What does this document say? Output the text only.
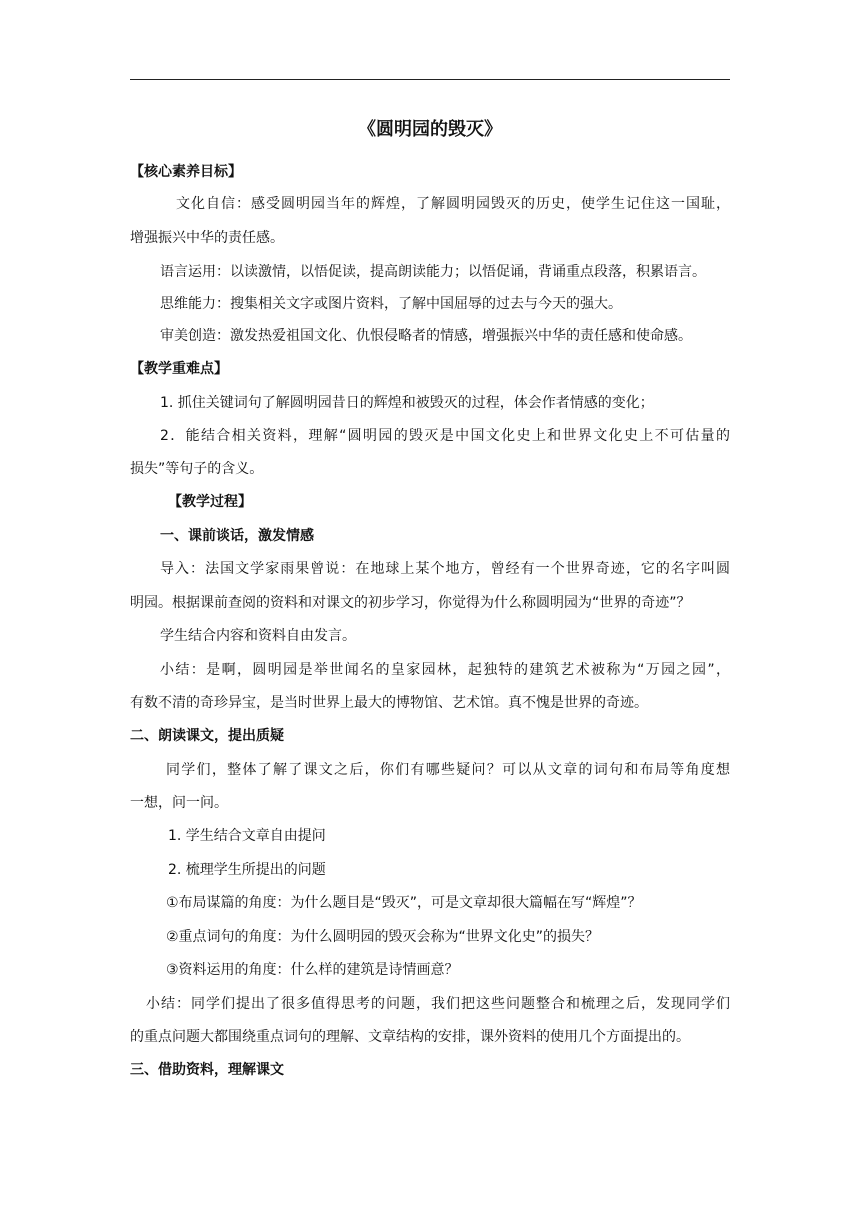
《圆明园的毁灭》
【核心素养目标】
文化自信：感受圆明园当年的辉煌，了解圆明园毁灭的历史，使学生记住这一国耻，
增强振兴中华的责任感。
语言运用：以读激情，以悟促读，提高朗读能力；以悟促诵，背诵重点段落，积累语言。
思维能力：搜集相关文字或图片资料，了解中国屈辱的过去与今天的强大。
审美创造：激发热爱祖国文化、仇恨侵略者的情感，增强振兴中华的责任感和使命感。
【教学重难点】
1. 抓住关键词句了解圆明园昔日的辉煌和被毁灭的过程，体会作者情感的变化；
2．能结合相关资料，理解“圆明园的毁灭是中国文化史上和世界文化史上不可估量的
损失”等句子的含义。
【教学过程】
一、课前谈话，激发情感
导入：法国文学家雨果曾说：在地球上某个地方，曾经有一个世界奇迹，它的名字叫圆
明园。根据课前查阅的资料和对课文的初步学习，你觉得为什么称圆明园为“世界的奇迹”？
学生结合内容和资料自由发言。
小结：是啊，圆明园是举世闻名的皇家园林，起独特的建筑艺术被称为“万园之园”，
有数不清的奇珍异宝，是当时世界上最大的博物馆、艺术馆。真不愧是世界的奇迹。
二、朗读课文，提出质疑
同学们，整体了解了课文之后，你们有哪些疑问？可以从文章的词句和布局等角度想
一想，问一问。
1. 学生结合文章自由提问
2. 梳理学生所提出的问题
①布局谋篇的角度：为什么题目是“毁灭”，可是文章却很大篇幅在写“辉煌”？
②重点词句的角度：为什么圆明园的毁灭会称为“世界文化史”的损失？
③资料运用的角度：什么样的建筑是诗情画意？
小结：同学们提出了很多值得思考的问题，我们把这些问题整合和梳理之后，发现同学们
的重点问题大都围绕重点词句的理解、文章结构的安排，课外资料的使用几个方面提出的。
三、借助资料，理解课文
